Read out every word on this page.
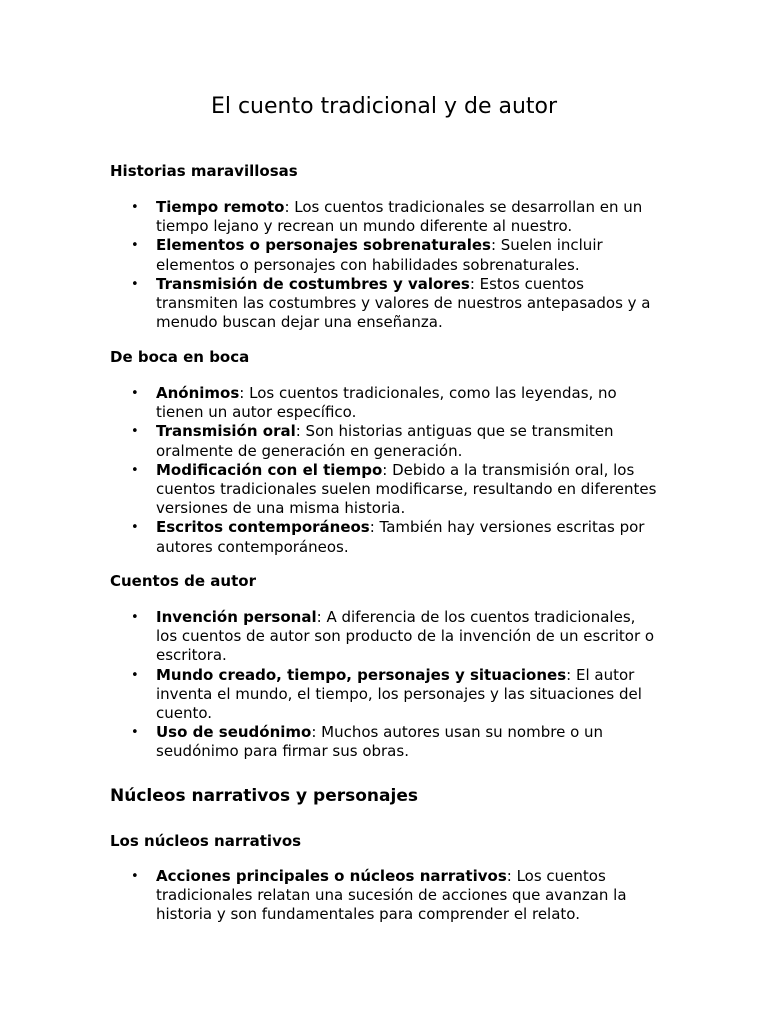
El cuento tradicional y de autor
Historias maravillosas
• Tiempo remoto: Los cuentos tradicionales se desarrollan en un tiempo lejano y recrean un mundo diferente al nuestro.
• Elementos o personajes sobrenaturales: Suelen incluir elementos o personajes con habilidades sobrenaturales.
• Transmisión de costumbres y valores: Estos cuentos transmiten las costumbres y valores de nuestros antepasados y a menudo buscan dejar una enseñanza.
De boca en boca
• Anónimos: Los cuentos tradicionales, como las leyendas, no tienen un autor específico.
• Transmisión oral: Son historias antiguas que se transmiten oralmente de generación en generación.
• Modificación con el tiempo: Debido a la transmisión oral, los cuentos tradicionales suelen modificarse, resultando en diferentes versiones de una misma historia.
• Escritos contemporáneos: También hay versiones escritas por autores contemporáneos.
Cuentos de autor
• Invención personal: A diferencia de los cuentos tradicionales, los cuentos de autor son producto de la invención de un escritor o escritora.
• Mundo creado, tiempo, personajes y situaciones: El autor inventa el mundo, el tiempo, los personajes y las situaciones del cuento.
• Uso de seudónimo: Muchos autores usan su nombre o un seudónimo para firmar sus obras.
Núcleos narrativos y personajes
Los núcleos narrativos
• Acciones principales o núcleos narrativos: Los cuentos tradicionales relatan una sucesión de acciones que avanzan la historia y son fundamentales para comprender el relato.
